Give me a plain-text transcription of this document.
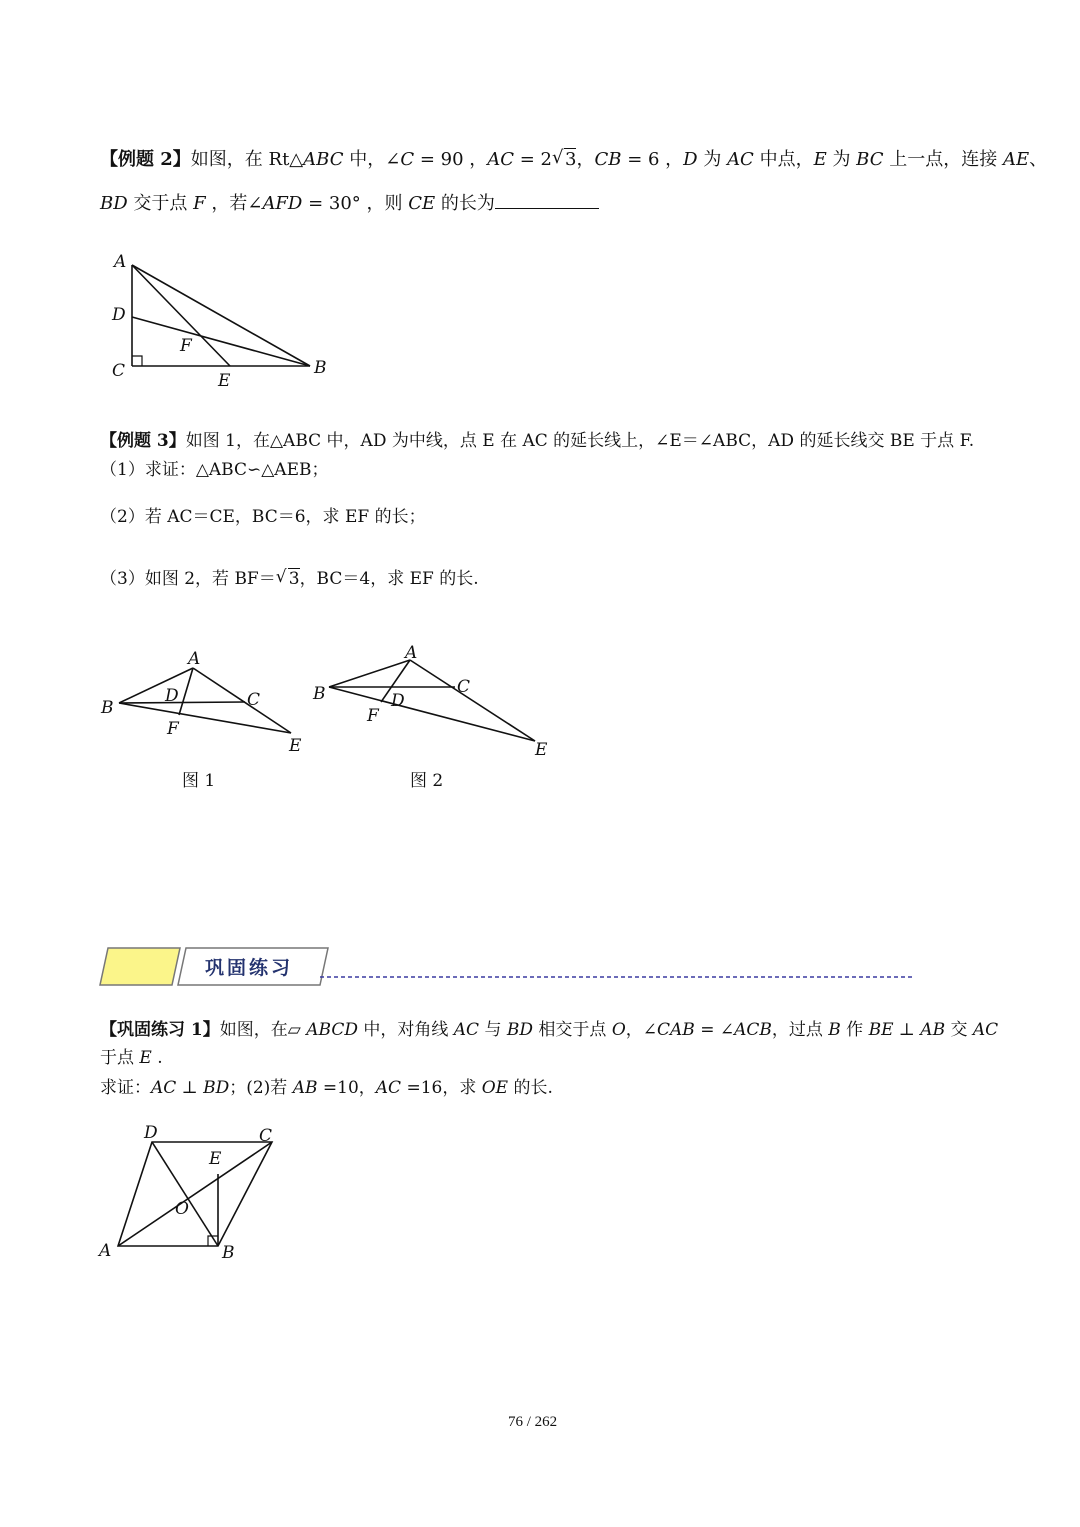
【例题 2】如图，在 Rt△ABC 中，∠C = 90 ，AC = 2 √ 3，CB = 6 ，D 为 AC 中点，E 为 BC 上一点，连接 AE、
BD 交于点 F ，若∠AFD = 30° ，则 CE 的长为
A
D
F
C	E
B
【例题 3】如图 1，在△ABC 中，AD 为中线，点 E 在 AC 的延长线上，∠E＝∠ABC，AD 的延长线交 BE 于点 F.
（1）求证：△ABC∽△AEB；
（2）若 AC＝CE，BC＝6，求 EF 的长；
（3）如图 2，若 BF＝ √ 3，BC＝4，求 EF 的长.
A
B
D	C
F
E
A
B	D
C
F
E
图 1	图 2
巩固练习
【巩固练习 1】如图，在▱ ABCD 中，对角线 AC 与 BD 相交于点 O，∠CAB = ∠ACB，过点 B 作 BE ⊥ AB 交 AC
于点 E .
求证：AC ⊥ BD；(2)若 AB =10，AC =16，求 OE 的长.
D	C
E
O
A	B
76 / 262
